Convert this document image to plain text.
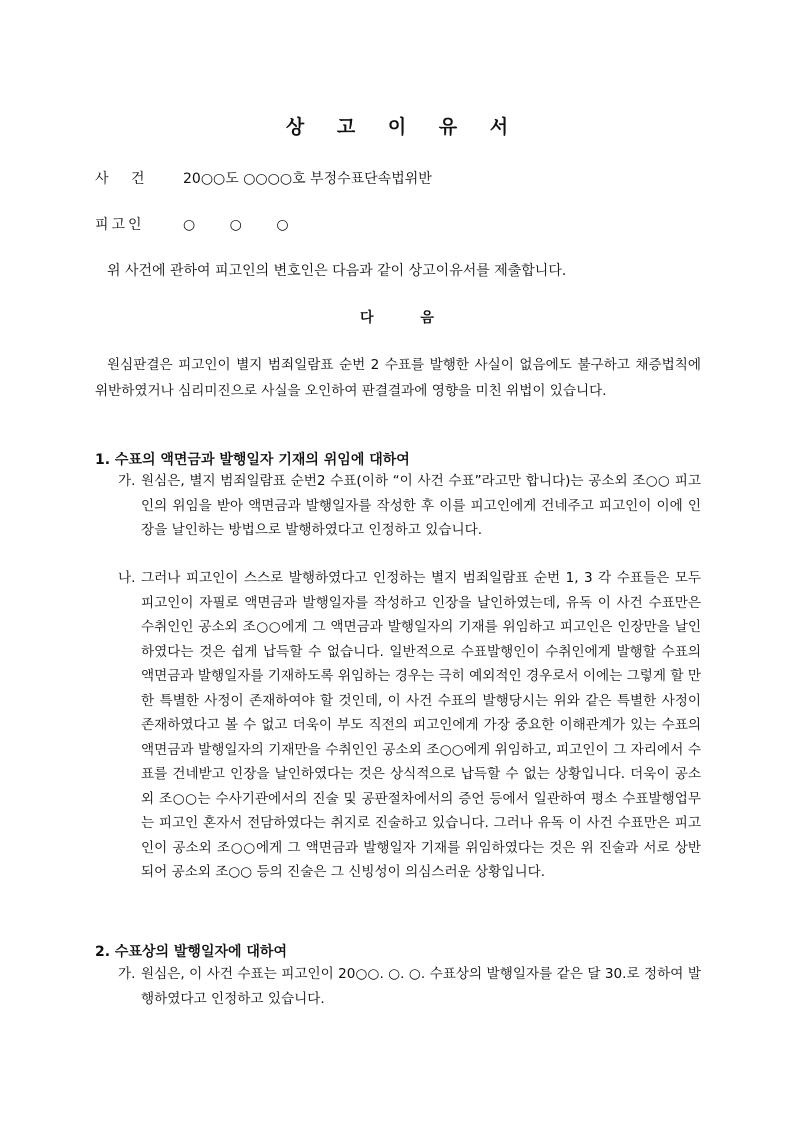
상 고 이 유 서
사 건	20○○도 ○○○○호 부정수표단속법위반
피고인	○ ○ ○
위 사건에 관하여 피고인의 변호인은 다음과 같이 상고이유서를 제출합니다.
다 음
원심판결은 피고인이 별지 범죄일람표 순번 2 수표를 발행한 사실이 없음에도 불구하고 채증법칙에 위반하였거나 심리미진으로 사실을 오인하여 판결결과에 영향을 미친 위법이 있습니다.
1. 수표의 액면금과 발행일자 기재의 위임에 대하여
가. 원심은, 별지 범죄일람표 순번2 수표(이하 “이 사건 수표”라고만 합니다)는 공소외 조○○ 피고인의 위임을 받아 액면금과 발행일자를 작성한 후 이를 피고인에게 건네주고 피고인이 이에 인장을 날인하는 방법으로 발행하였다고 인정하고 있습니다.
나. 그러나 피고인이 스스로 발행하였다고 인정하는 별지 범죄일람표 순번 1, 3 각 수표들은 모두 피고인이 자필로 액면금과 발행일자를 작성하고 인장을 날인하였는데, 유독 이 사건 수표만은 수취인인 공소외 조○○에게 그 액면금과 발행일자의 기재를 위임하고 피고인은 인장만을 날인하였다는 것은 쉽게 납득할 수 없습니다. 일반적으로 수표발행인이 수취인에게 발행할 수표의 액면금과 발행일자를 기재하도록 위임하는 경우는 극히 예외적인 경우로서 이에는 그렇게 할 만한 특별한 사정이 존재하여야 할 것인데, 이 사건 수표의 발행당시는 위와 같은 특별한 사정이 존재하였다고 볼 수 없고 더욱이 부도 직전의 피고인에게 가장 중요한 이해관계가 있는 수표의 액면금과 발행일자의 기재만을 수취인인 공소외 조○○에게 위임하고, 피고인이 그 자리에서 수표를 건네받고 인장을 날인하였다는 것은 상식적으로 납득할 수 없는 상황입니다. 더욱이 공소외 조○○는 수사기관에서의 진술 및 공판절차에서의 증언 등에서 일관하여 평소 수표발행업무는 피고인 혼자서 전담하였다는 취지로 진술하고 있습니다. 그러나 유독 이 사건 수표만은 피고인이 공소외 조○○에게 그 액면금과 발행일자 기재를 위임하였다는 것은 위 진술과 서로 상반되어 공소외 조○○ 등의 진술은 그 신빙성이 의심스러운 상황입니다.
2. 수표상의 발행일자에 대하여
가. 원심은, 이 사건 수표는 피고인이 20○○. ○. ○. 수표상의 발행일자를 같은 달 30.로 정하여 발행하였다고 인정하고 있습니다.
